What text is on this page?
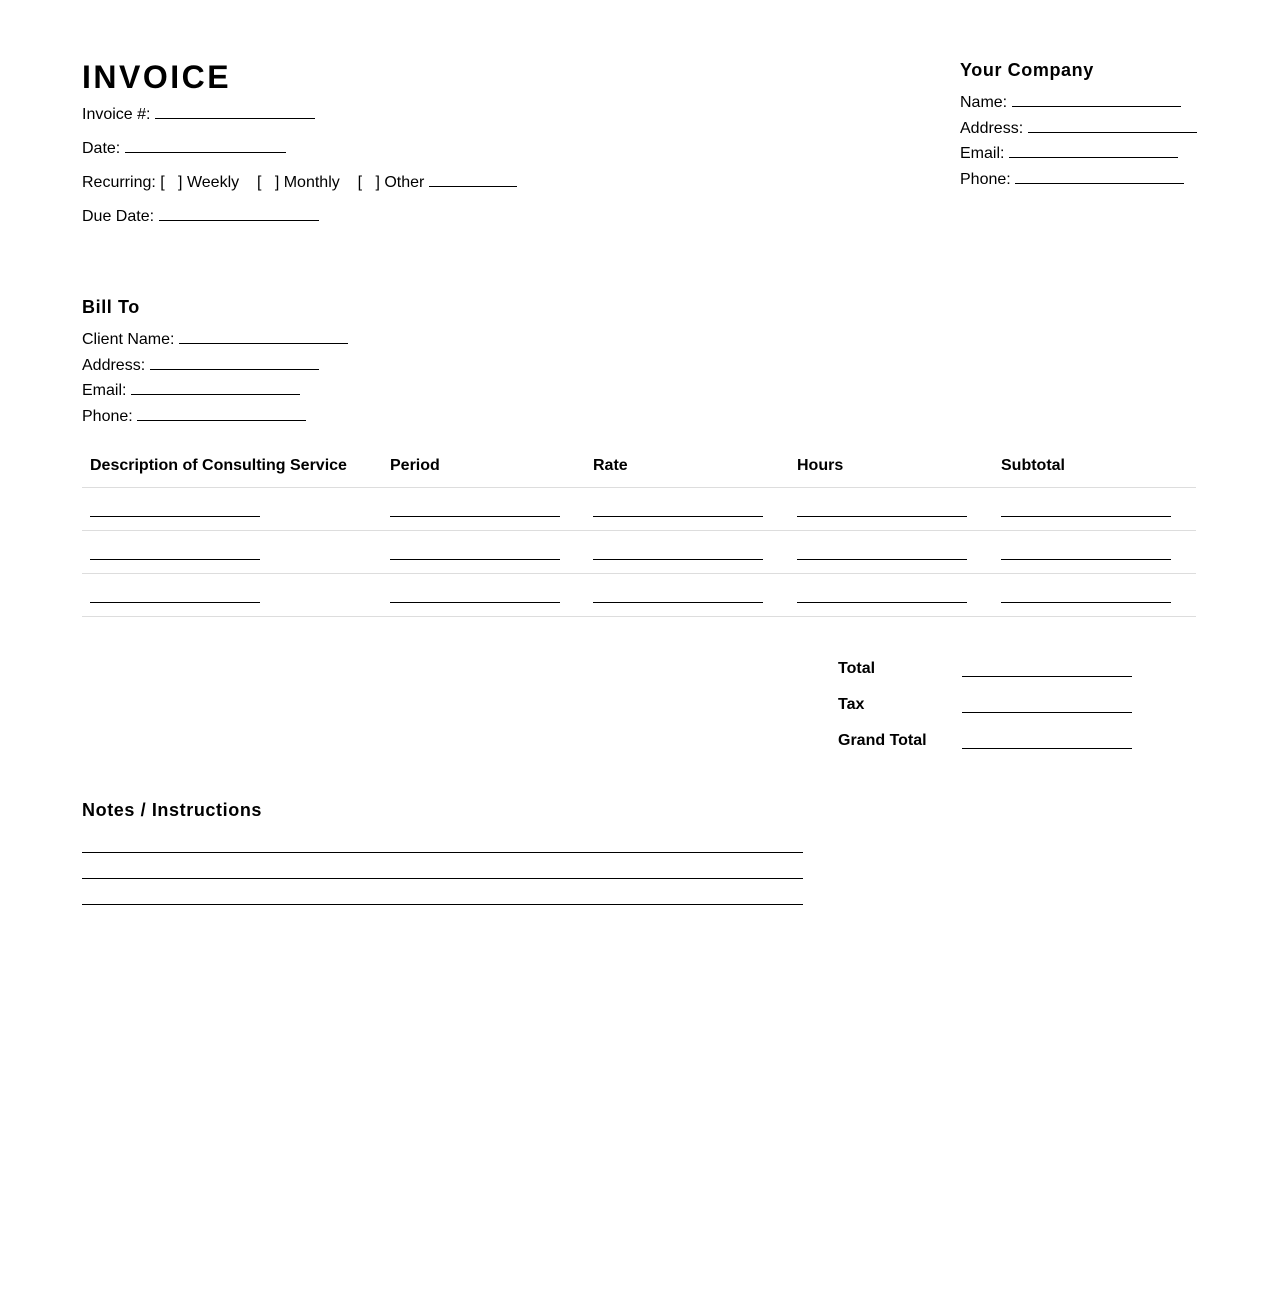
INVOICE
Invoice #:
Date:
Recurring: [   ] Weekly [   ] Monthly [   ] Other
Due Date:
Your Company
Name:
Address:
Email:
Phone:
Bill To
Client Name:
Address:
Email:
Phone:
Description of Consulting Service	Period	Rate	Hours	Subtotal
Total
Tax
Grand Total
Notes / Instructions
